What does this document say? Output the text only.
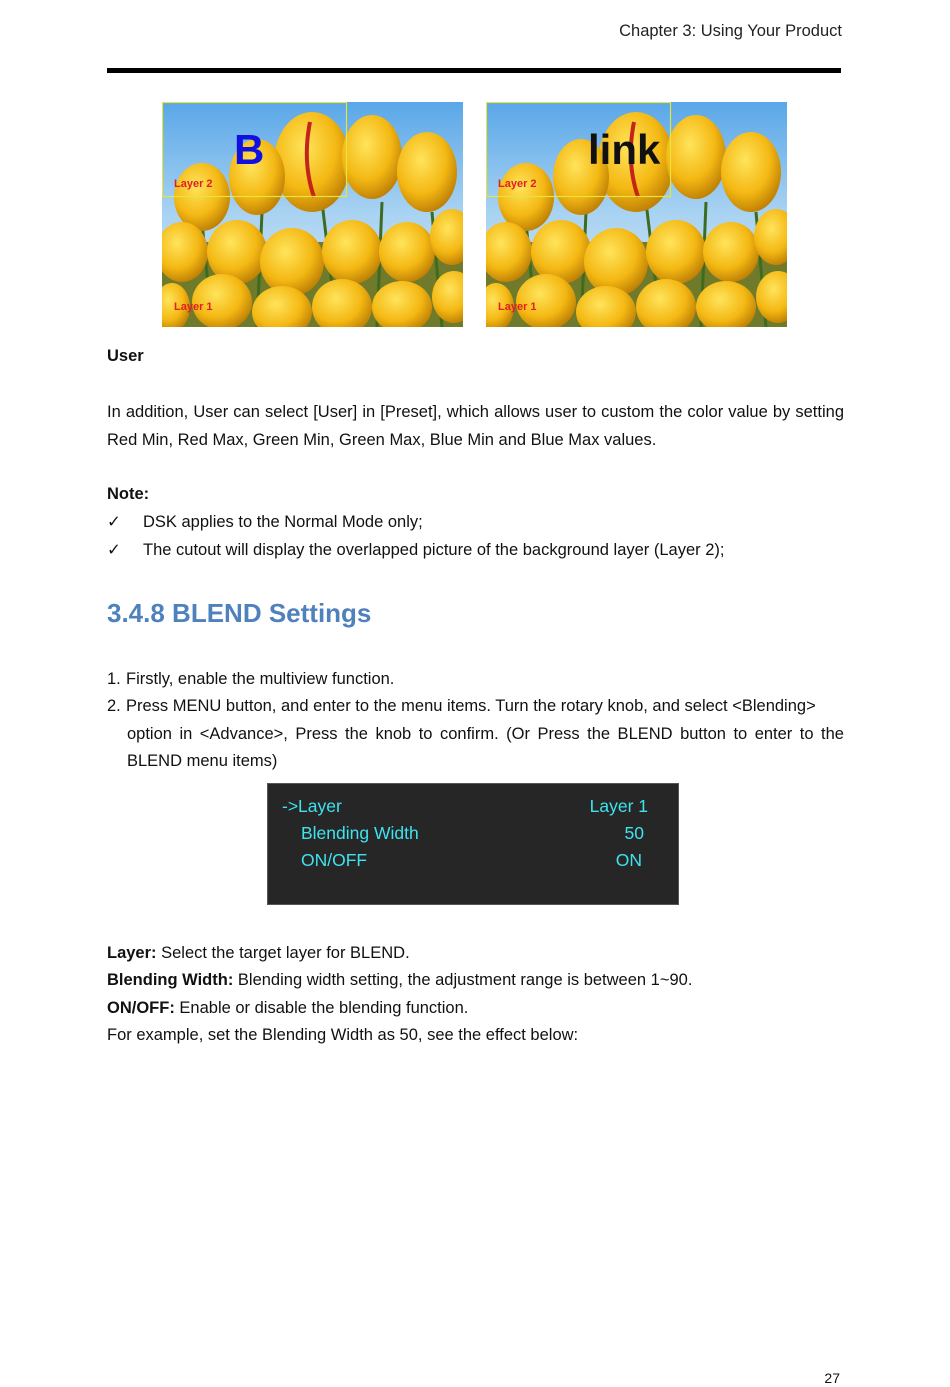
Chapter 3: Using Your Product
B
Layer 2
Layer 1
link
Layer 2
Layer 1
User
In addition, User can select [User] in [Preset], which allows user to custom the color value by setting Red Min, Red Max, Green Min, Green Max, Blue Min and Blue Max values.
Note:
✓ DSK applies to the Normal Mode only;
✓ The cutout will display the overlapped picture of the background layer (Layer 2);
3.4.8 BLEND Settings
1. Firstly, enable the multiview function.
2. Press MENU button, and enter to the menu items. Turn the rotary knob, and select <Blending>
option in <Advance>, Press the knob to confirm. (Or Press the BLEND button to enter to the BLEND menu items)
->Layer	Layer 1
Blending Width	50
ON/OFF	ON
Layer: Select the target layer for BLEND.
Blending Width: Blending width setting, the adjustment range is between 1~90.
ON/OFF: Enable or disable the blending function.
For example, set the Blending Width as 50, see the effect below:
27
